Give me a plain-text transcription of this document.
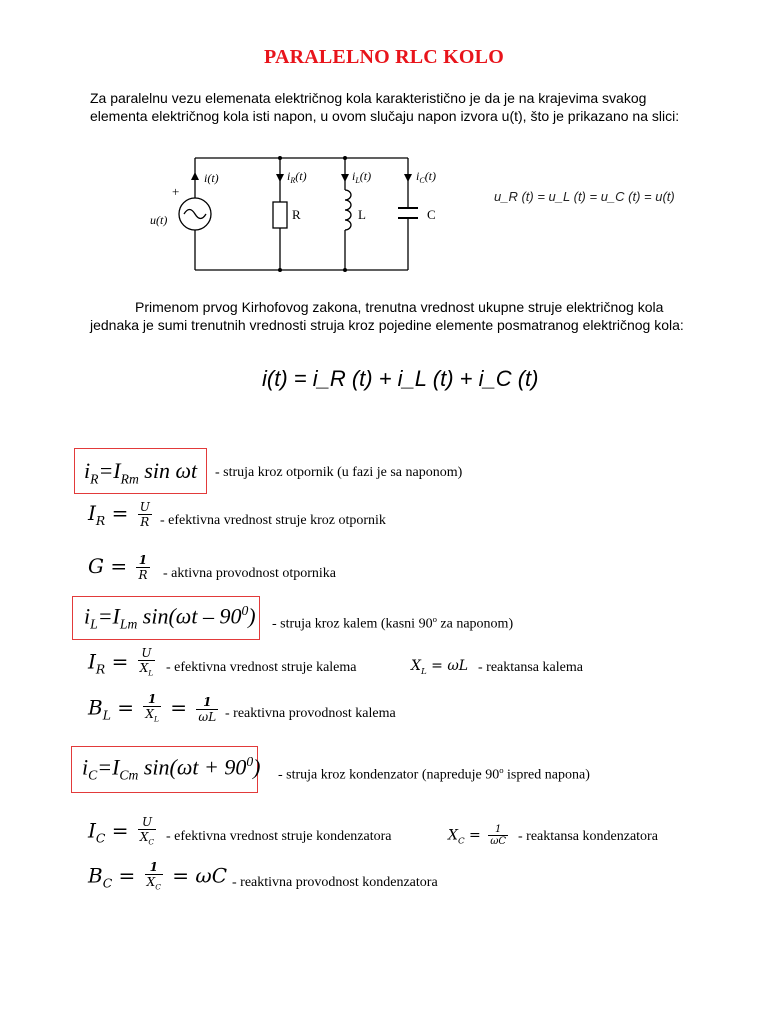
PARALELNO RLC KOLO
Za paralelnu vezu elemenata električnog kola karakteristično je da je na krajevima svakog
elementa električnog kola isti napon, u ovom slučaju napon izvora u(t), što je prikazano na slici:
i(t)	$i_R(t)$	$i_L(t)$	$i_C(t)$
u(t)
+
R	L	C
u_R (t) = u_L (t) = u_C (t) = u(t)
Primenom prvog Kirhofovog zakona, trenutna vrednost ukupne struje električnog kola
jednaka je sumi trenutnih vrednosti struja kroz pojedine elemente posmatranog električnog kola:
i(t) = i_R (t) + i_L (t) + i_C (t)
$i_R=I_{Rm}$ sin ωt - struja kroz otpornik (u fazi je sa naponom)
$I_R = \frac{U}{R}$ - efektivna vrednost struje kroz otpornik
$G = \frac{1}{R}$ - aktivna provodnost otpornika
$i_L=I_{Lm}$ $\sin(\omega t - 90^0)$ - struja kroz kalem (kasni 90$^o$ za naponom)
$I_R = \frac{U}{X_L}$ - efektivna vrednost struje kalema	$X_L = \omega L$ - reaktansa kalema
$B_L = \frac{1}{X_L} = \frac{1}{\omega L}$ - reaktivna provodnost kalema
$i_C=I_{Cm}$ $\sin(\omega t + 90^0)$ - struja kroz kondenzator (napreduje 90$^o$ ispred napona)
$I_C = \frac{U}{X_C}$ - efektivna vrednost struje kondenzatora	$X_C = \frac{1}{\omega C}$ - reaktansa kondenzatora
$B_C = \frac{1}{X_C} = \omega C$ - reaktivna provodnost kondenzatora
